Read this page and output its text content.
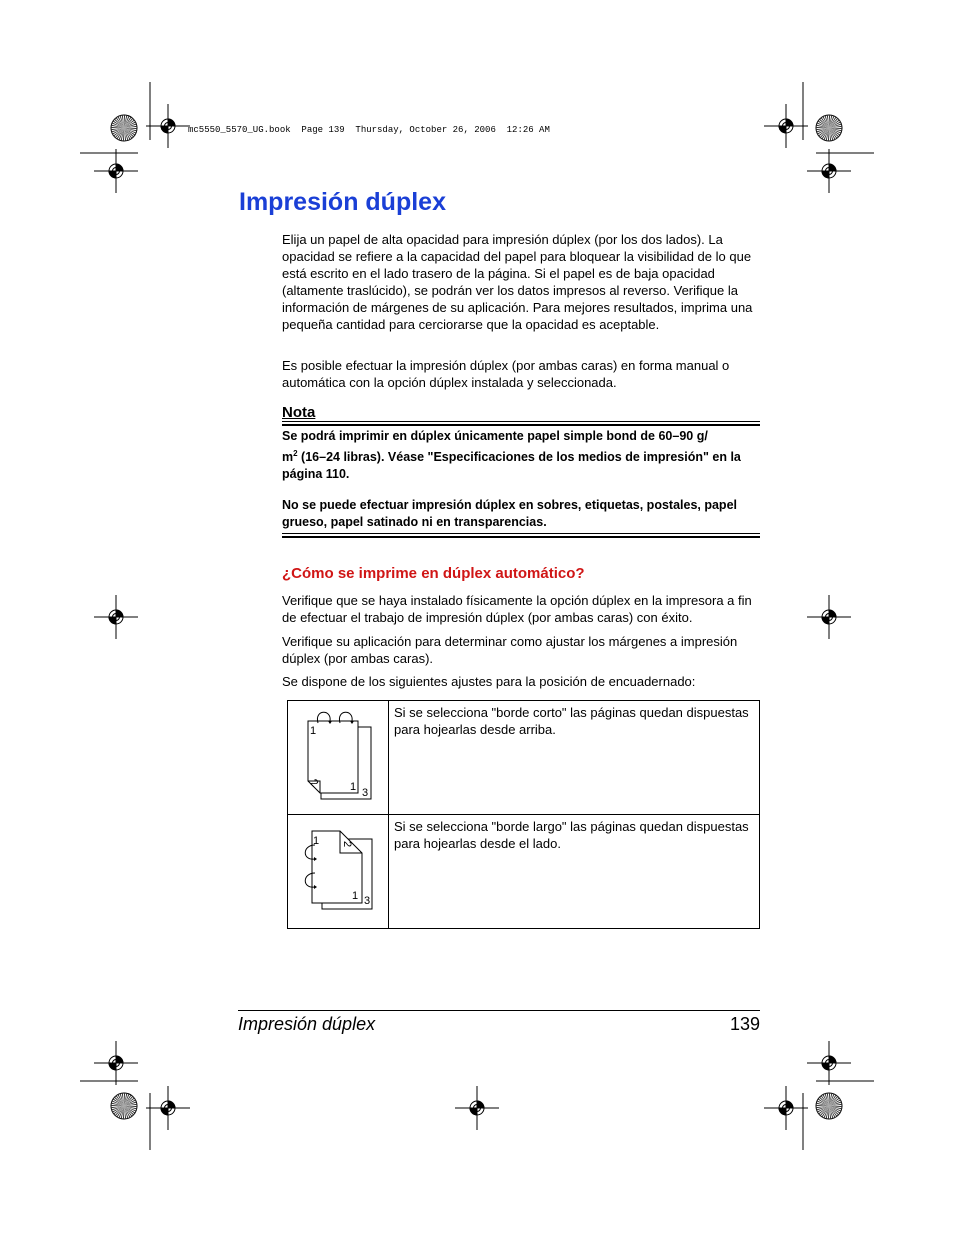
mc5550_5570_UG.book  Page 139  Thursday, October 26, 2006  12:26 AM
Impresión dúplex

Elija un papel de alta opacidad para impresión dúplex (por los dos lados). La opacidad se refiere a la capacidad del papel para bloquear la visibilidad de lo que está escrito en el lado trasero de la página. Si el papel es de baja opacidad (altamente traslúcido), se podrán ver los datos impresos al reverso. Verifique la información de márgenes de su aplicación. Para mejores resultados, imprima una pequeña cantidad para cerciorarse que la opacidad es aceptable.

Es posible efectuar la impresión dúplex (por ambas caras) en forma manual o automática con la opción dúplex instalada y seleccionada.

Nota

Se podrá imprimir en dúplex únicamente papel simple bond de 60–90 g/
$m^2$ (16–24 libras). Véase "Especificaciones de los medios de impresión" en la página 110.

No se puede efectuar impresión dúplex en sobres, etiquetas, postales, papel grueso, papel satinado ni en transparencias.

¿Cómo se imprime en dúplex automático?

Verifique que se haya instalado físicamente la opción dúplex en la impresora a fin de efectuar el trabajo de impresión dúplex (por ambas caras) con éxito.

Verifique su aplicación para determinar como ajustar los márgenes a impresión dúplex (por ambas caras).

Se dispone de los siguientes ajustes para la posición de encuadernado:

1
2 1 3	Si se selecciona "borde corto" las páginas quedan dispuestas para hojearlas desde arriba.

1 2
1 3	Si se selecciona "borde largo" las páginas quedan dispuestas para hojearlas desde el lado.
Impresión dúplex	139
